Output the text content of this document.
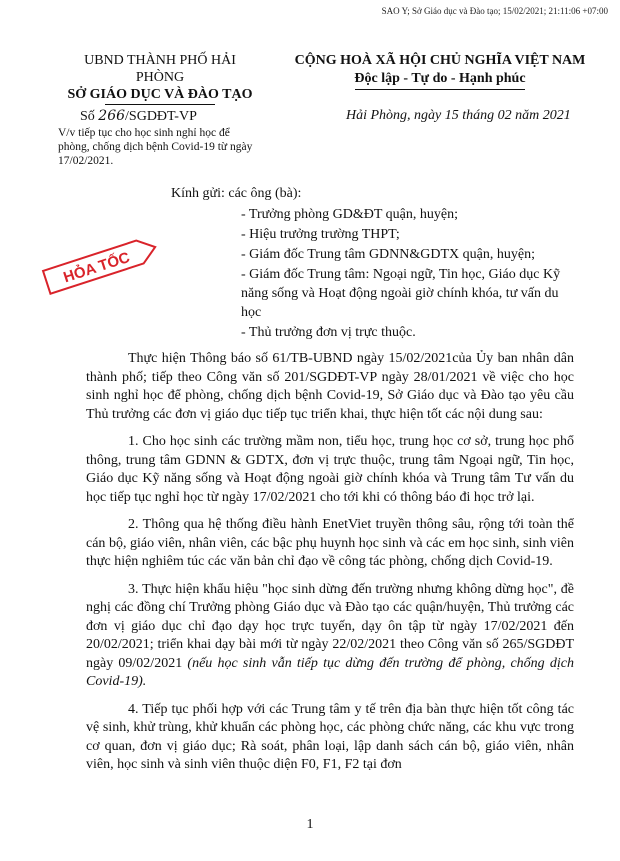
SAO Y; Sở Giáo dục và Đào tạo; 15/02/2021; 21:11:06 +07:00
UBND THÀNH PHỐ HẢI PHÒNG
SỞ GIÁO DỤC VÀ ĐÀO TẠO
CỘNG HOÀ XÃ HỘI CHỦ NGHĨA VIỆT NAM
Độc lập - Tự do - Hạnh phúc
Số 266/SGDĐT-VP
V/v tiếp tục cho học sinh nghỉ học để phòng, chống dịch bệnh Covid-19 từ ngày 17/02/2021.
Hải Phòng, ngày 15 tháng 02 năm 2021
Kính gửi: các ông (bà):
- Trưởng phòng GD&ĐT quận, huyện;
- Hiệu trưởng trường THPT;
- Giám đốc Trung tâm GDNN&GDTX quận, huyện;
- Giám đốc Trung tâm: Ngoại ngữ, Tin học, Giáo dục Kỹ năng sống và Hoạt động ngoài giờ chính khóa, tư vấn du học
- Thủ trưởng đơn vị trực thuộc.
HỎA TỐC

Thực hiện Thông báo số 61/TB-UBND ngày 15/02/2021của Ủy ban nhân dân thành phố; tiếp theo Công văn số 201/SGDĐT-VP ngày 28/01/2021 về việc cho học sinh nghỉ học để phòng, chống dịch bệnh Covid-19, Sở Giáo dục và Đào tạo yêu cầu Thủ trưởng các đơn vị giáo dục tiếp tục triển khai, thực hiện tốt các nội dung sau:

1. Cho học sinh các trường mầm non, tiểu học, trung học cơ sở, trung học phổ thông, trung tâm GDNN & GDTX, đơn vị trực thuộc, trung tâm Ngoại ngữ, Tin học, Giáo dục Kỹ năng sống và Hoạt động ngoài giờ chính khóa và Trung tâm Tư vấn du học tiếp tục nghỉ học từ ngày 17/02/2021 cho tới khi có thông báo đi học trở lại.

2. Thông qua hệ thống điều hành EnetViet truyền thông sâu, rộng tới toàn thể cán bộ, giáo viên, nhân viên, các bậc phụ huynh học sinh và các em học sinh, sinh viên thực hiện nghiêm túc các văn bản chỉ đạo về công tác phòng, chống dịch Covid-19.

3. Thực hiện khẩu hiệu "học sinh dừng đến trường nhưng không dừng học", đề nghị các đồng chí Trưởng phòng Giáo dục và Đào tạo các quận/huyện, Thủ trưởng các đơn vị giáo dục chỉ đạo dạy học trực tuyến, dạy ôn tập từ ngày 17/02/2021 đến 20/02/2021; triển khai dạy bài mới từ ngày 22/02/2021 theo Công văn số 265/SGDĐT ngày 09/02/2021 (nếu học sinh vẫn tiếp tục dừng đến trường để phòng, chống dịch Covid-19).

4. Tiếp tục phối hợp với các Trung tâm y tế trên địa bàn thực hiện tốt công tác vệ sinh, khử trùng, khử khuẩn các phòng học, các phòng chức năng, các khu vực trong cơ quan, đơn vị giáo dục; Rà soát, phân loại, lập danh sách cán bộ, giáo viên, nhân viên, học sinh và sinh viên thuộc diện F0, F1, F2 tại đơn

1
